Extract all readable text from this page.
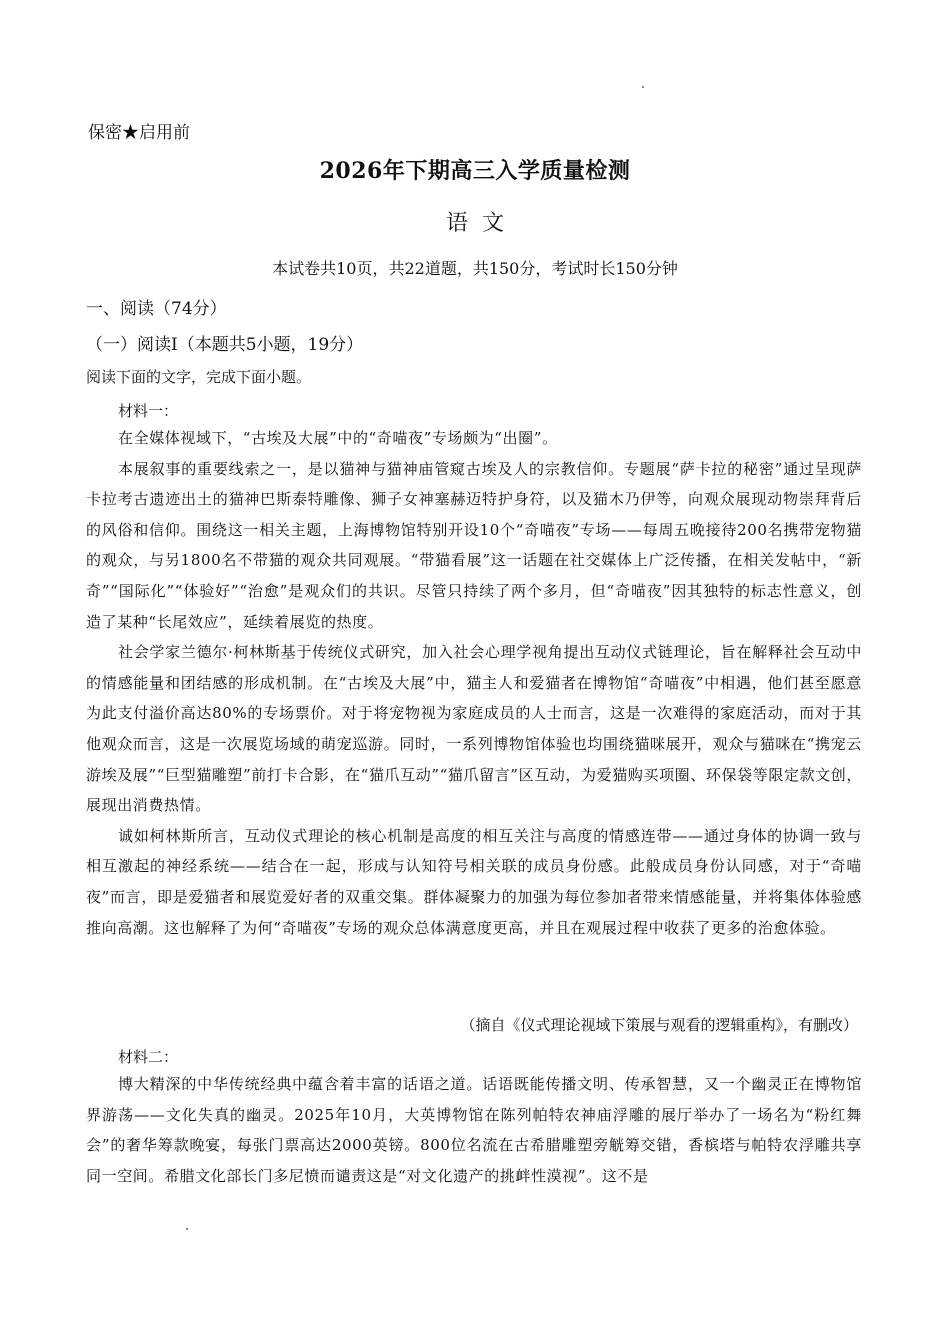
保密★启用前
2026年下期高三入学质量检测
语文
本试卷共10页，共22道题，共150分，考试时长150分钟
一、阅读（74分）
（一）阅读Ⅰ（本题共5小题，19分）
阅读下面的文字，完成下面小题。
材料一：

在全媒体视域下，“古埃及大展”中的“奇喵夜”专场颇为“出圈”。

本展叙事的重要线索之一，是以猫神与猫神庙管窥古埃及人的宗教信仰。专题展“萨卡拉的秘密”通过呈现萨卡拉考古遗迹出土的猫神巴斯泰特雕像、狮子女神塞赫迈特护身符，以及猫木乃伊等，向观众展现动物崇拜背后的风俗和信仰。围绕这一相关主题，上海博物馆特别开设10个“奇喵夜”专场——每周五晚接待200名携带宠物猫的观众，与另1800名不带猫的观众共同观展。“带猫看展”这一话题在社交媒体上广泛传播，在相关发帖中，“新奇”“国际化”“体验好”“治愈”是观众们的共识。尽管只持续了两个多月，但“奇喵夜”因其独特的标志性意义，创造了某种“长尾效应”，延续着展览的热度。

社会学家兰德尔·柯林斯基于传统仪式研究，加入社会心理学视角提出互动仪式链理论，旨在解释社会互动中的情感能量和团结感的形成机制。在“古埃及大展”中，猫主人和爱猫者在博物馆“奇喵夜”中相遇，他们甚至愿意为此支付溢价高达80%的专场票价。对于将宠物视为家庭成员的人士而言，这是一次难得的家庭活动，而对于其他观众而言，这是一次展览场域的萌宠巡游。同时，一系列博物馆体验也均围绕猫咪展开，观众与猫咪在“携宠云游埃及展”“巨型猫雕塑”前打卡合影，在“猫爪互动”“猫爪留言”区互动，为爱猫购买项圈、环保袋等限定款文创，展现出消费热情。

诚如柯林斯所言，互动仪式理论的核心机制是高度的相互关注与高度的情感连带——通过身体的协调一致与相互激起的神经系统——结合在一起，形成与认知符号相关联的成员身份感。此般成员身份认同感，对于“奇喵夜”而言，即是爱猫者和展览爱好者的双重交集。群体凝聚力的加强为每位参加者带来情感能量，并将集体体验感推向高潮。这也解释了为何“奇喵夜”专场的观众总体满意度更高，并且在观展过程中收获了更多的治愈体验。

（摘自《仪式理论视域下策展与观看的逻辑重构》，有删改）
材料二：

博大精深的中华传统经典中蕴含着丰富的话语之道。话语既能传播文明、传承智慧，又一个幽灵正在博物馆界游荡——文化失真的幽灵。2025年10月，大英博物馆在陈列帕特农神庙浮雕的展厅举办了一场名为“粉红舞会”的奢华筹款晚宴，每张门票高达2000英镑。800位名流在古希腊雕塑旁觥筹交错，香槟塔与帕特农浮雕共享同一空间。希腊文化部长门多尼愤而谴责这是“对文化遗产的挑衅性漠视”。这不是
